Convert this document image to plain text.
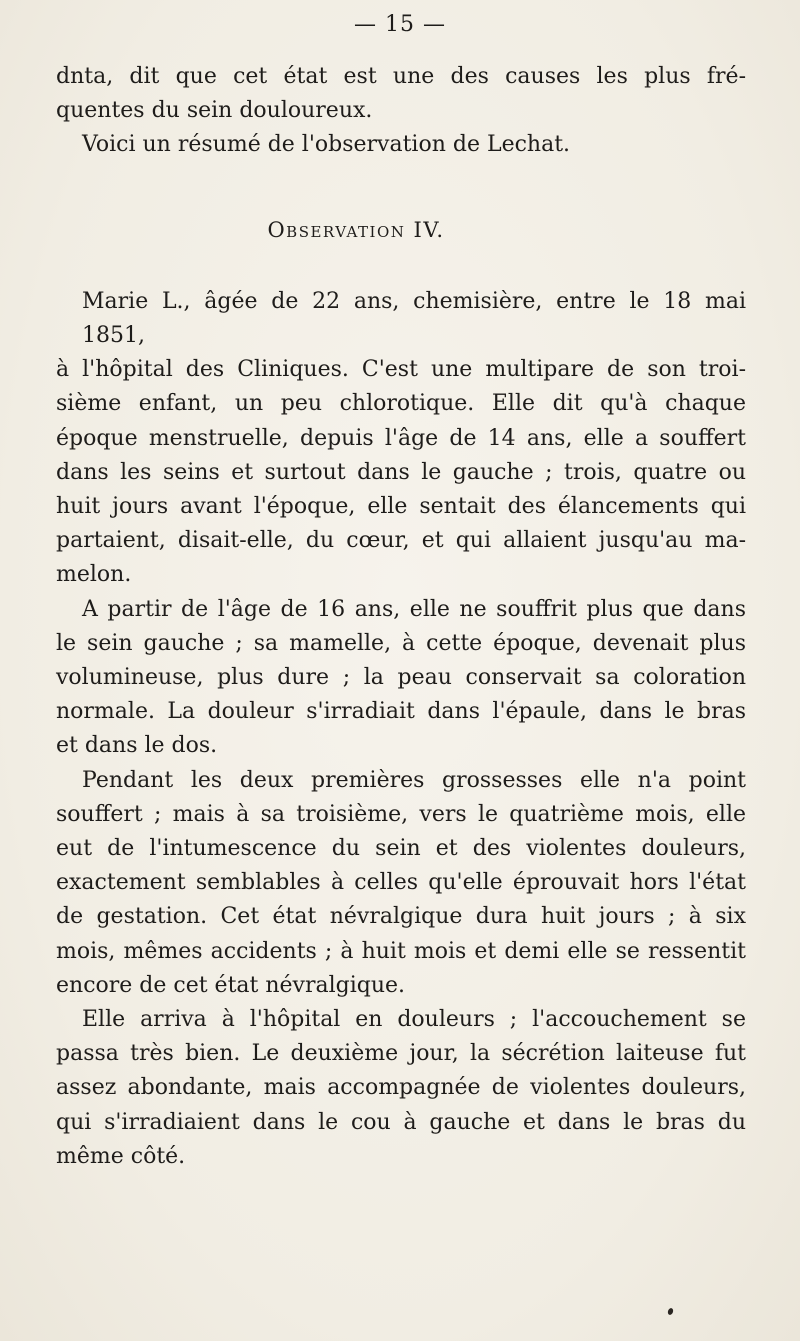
— 15 —
dnta, dit que cet état est une des causes les plus fré-
quentes du sein douloureux.
Voici un résumé de l'observation de Lechat.
Observation IV.
Marie L., âgée de 22 ans, chemisière, entre le 18 mai 1851,
à l'hôpital des Cliniques. C'est une multipare de son troi-
sième enfant, un peu chlorotique. Elle dit qu'à chaque
époque menstruelle, depuis l'âge de 14 ans, elle a souffert
dans les seins et surtout dans le gauche ; trois, quatre ou
huit jours avant l'époque, elle sentait des élancements qui
partaient, disait-elle, du cœur, et qui allaient jusqu'au ma-
melon.
A partir de l'âge de 16 ans, elle ne souffrit plus que dans
le sein gauche ; sa mamelle, à cette époque, devenait plus
volumineuse, plus dure ; la peau conservait sa coloration
normale. La douleur s'irradiait dans l'épaule, dans le bras
et dans le dos.
Pendant les deux premières grossesses elle n'a point
souffert ; mais à sa troisième, vers le quatrième mois, elle
eut de l'intumescence du sein et des violentes douleurs,
exactement semblables à celles qu'elle éprouvait hors l'état
de gestation. Cet état névralgique dura huit jours ; à six
mois, mêmes accidents ; à huit mois et demi elle se ressentit
encore de cet état névralgique.
Elle arriva à l'hôpital en douleurs ; l'accouchement se
passa très bien. Le deuxième jour, la sécrétion laiteuse fut
assez abondante, mais accompagnée de violentes douleurs,
qui s'irradiaient dans le cou à gauche et dans le bras du
même côté.
